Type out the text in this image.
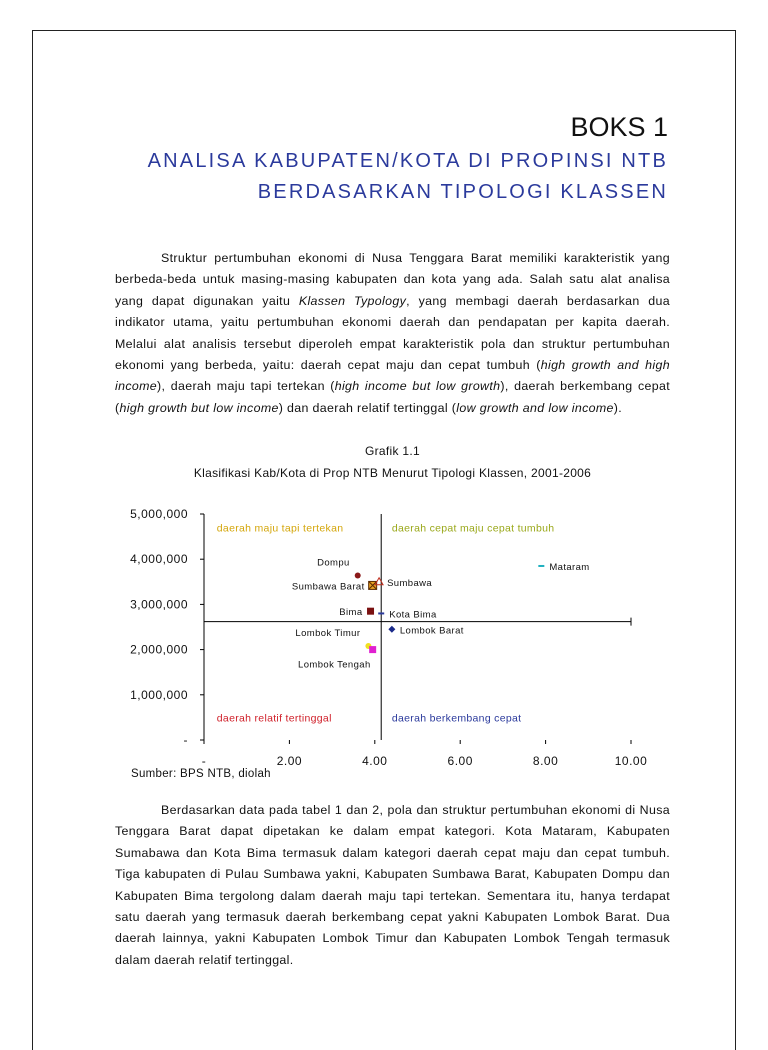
BOKS 1
ANALISA KABUPATEN/KOTA DI PROPINSI NTB
BERDASARKAN TIPOLOGI KLASSEN
Struktur pertumbuhan ekonomi di Nusa Tenggara Barat memiliki karakteristik yang berbeda-beda untuk masing-masing kabupaten dan kota yang ada. Salah satu alat analisa yang dapat digunakan yaitu Klassen Typology, yang membagi daerah berdasarkan dua indikator utama, yaitu pertumbuhan ekonomi daerah dan pendapatan per kapita daerah. Melalui alat analisis tersebut diperoleh empat karakteristik pola dan struktur pertumbuhan ekonomi yang berbeda, yaitu: daerah cepat maju dan cepat tumbuh (high growth and high income), daerah maju tapi tertekan (high income but low growth), daerah berkembang cepat (high growth but low income) dan daerah relatif tertinggal (low growth and low income).
Grafik 1.1
Klasifikasi Kab/Kota di Prop NTB Menurut Tipologi Klassen, 2001-2006
-
1,000,000
2,000,000
3,000,000
4,000,000
5,000,000
-	2.00	4.00	6.00	8.00	10.00
daerah maju tapi tertekan	daerah cepat maju cepat tumbuh
daerah relatif tertinggal	daerah berkembang cepat
Dompu
Sumbawa Barat Sumbawa
Bima	Kota Bima
Lombok Barat
Lombok Timur
Lombok Tengah
Mataram
Sumber: BPS NTB, diolah
Berdasarkan data pada tabel 1 dan 2, pola dan struktur pertumbuhan ekonomi di Nusa Tenggara Barat dapat dipetakan ke dalam empat kategori. Kota Mataram, Kabupaten Sumabawa dan Kota Bima termasuk dalam kategori daerah cepat maju dan cepat tumbuh. Tiga kabupaten di Pulau Sumbawa yakni, Kabupaten Sumbawa Barat, Kabupaten Dompu dan Kabupaten Bima tergolong dalam daerah maju tapi tertekan. Sementara itu, hanya terdapat satu daerah yang termasuk daerah berkembang cepat yakni Kabupaten Lombok Barat. Dua daerah lainnya, yakni Kabupaten Lombok Timur dan Kabupaten Lombok Tengah termasuk dalam daerah relatif tertinggal.
